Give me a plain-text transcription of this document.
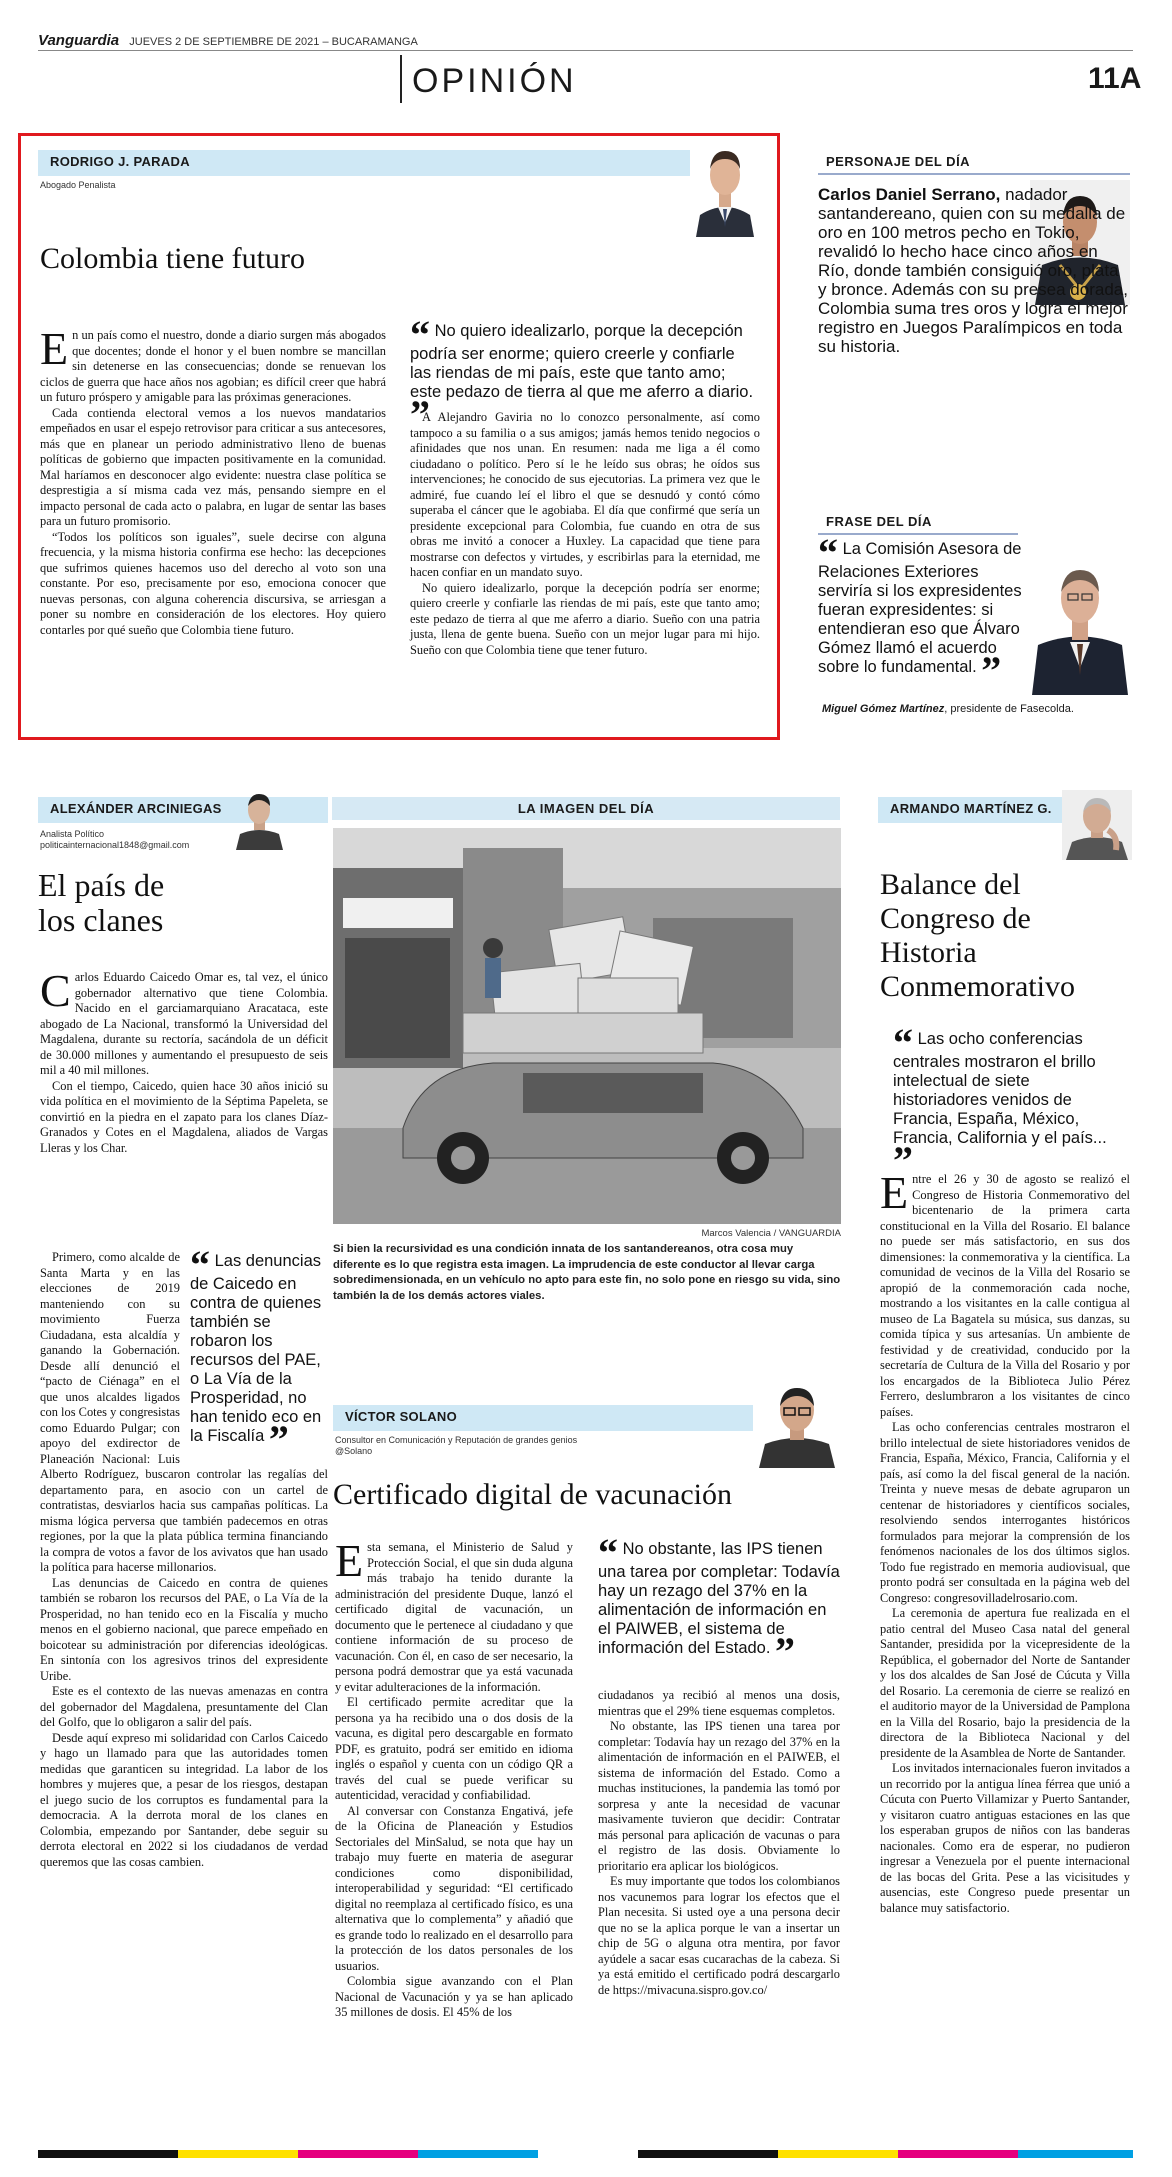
Vanguardia JUEVES 2 DE SEPTIEMBRE DE 2021 – BUCARAMANGA
OPINIÓN	11A
RODRIGO J. PARADA
Abogado Penalista
Colombia tiene futuro

En un país como el nuestro, donde a diario surgen más abogados que docentes; donde el honor y el buen nombre se mancillan sin detenerse en las consecuencias; donde se renuevan los ciclos de guerra que hace años nos agobian; es difícil creer que habrá un futuro próspero y amigable para las próximas generaciones.

Cada contienda electoral vemos a los nuevos mandatarios empeñados en usar el espejo retrovisor para criticar a sus antecesores, más que en planear un periodo administrativo lleno de buenas políticas de gobierno que impacten positivamente en la comunidad. Mal haríamos en desconocer algo evidente: nuestra clase política se desprestigia a sí misma cada vez más, pensando siempre en el impacto personal de cada acto o palabra, en lugar de sentar las bases para un futuro promisorio.

“Todos los políticos son iguales”, suele decirse con alguna frecuencia, y la misma historia confirma ese hecho: las decepciones que sufrimos quienes hacemos uso del derecho al voto son una constante. Por eso, precisamente por eso, emociona conocer que nuevas personas, con alguna coherencia discursiva, se arriesgan a poner su nombre en consideración de los electores. Hoy quiero contarles por qué sueño que Colombia tiene futuro.

“ No quiero idealizarlo, porque la decepción podría ser enorme; quiero creerle y confiarle las riendas de mi país, este que tanto amo; este pedazo de tierra al que me aferro a diario. ”

A Alejandro Gaviria no lo conozco personalmente, así como tampoco a su familia o a sus amigos; jamás hemos tenido negocios o afinidades que nos unan. En resumen: nada me liga a él como ciudadano o político. Pero sí le he leído sus obras; he oídos sus intervenciones; he conocido de sus ejecutorias. La primera vez que le admiré, fue cuando leí el libro el que se desnudó y contó cómo superaba el cáncer que le agobiaba. El día que confirmé que sería un presidente excepcional para Colombia, fue cuando en otra de sus obras me invitó a conocer a Huxley. La capacidad que tiene para mostrarse con defectos y virtudes, y escribirlas para la eternidad, me hacen confiar en un mandato suyo.

No quiero idealizarlo, porque la decepción podría ser enorme; quiero creerle y confiarle las riendas de mi país, este que tanto amo; este pedazo de tierra al que me aferro a diario. Sueño con una patria justa, llena de gente buena. Sueño con un mejor lugar para mi hijo. Sueño con que Colombia tiene que tener futuro.

PERSONAJE DEL DÍA
Carlos Daniel Serrano, nadador santandereano, quien con su medalla de oro en 100 metros pecho en Tokio, revalidó lo hecho hace cinco años en Río, donde también consiguió oro, plata y bronce. Además con su presea dorada, Colombia suma tres oros y logra el mejor registro en Juegos Paralímpicos en toda su historia.
FRASE DEL DÍA
“ La Comisión Asesora de Relaciones Exteriores serviría si los expresidentes fueran expresidentes: si entendieran eso que Álvaro Gómez llamó el acuerdo sobre lo fundamental. ”
Miguel Gómez Martínez, presidente de Fasecolda.
ALEXÁNDER ARCINIEGAS
Analista Político
politicainternacional1848@gmail.com
El país de
los clanes

Carlos Eduardo Caicedo Omar es, tal vez, el único gobernador alternativo que tiene Colombia. Nacido en el garciamarquiano Aracataca, este abogado de La Nacional, transformó la Universidad del Magdalena, durante su rectoría, sacándola de un déficit de 30.000 millones y aumentando el presupuesto de seis mil a 40 mil millones.

Con el tiempo, Caicedo, quien hace 30 años inició su vida política en el movimiento de la Séptima Papeleta, se convirtió en la piedra en el zapato para los clanes Díaz-Granados y Cotes en el Magdalena, aliados de Vargas Lleras y los Char.

“ Las denuncias de Caicedo en contra de quienes también se robaron los recursos del PAE, o La Vía de la Prosperidad, no han tenido eco en la Fiscalía ”

Primero, como alcalde de Santa Marta y en las elecciones de 2019 manteniendo con su movimiento Fuerza Ciudadana, esta alcaldía y ganando la Gobernación. Desde allí denunció el “pacto de Ciénaga” en el que unos alcaldes ligados con los Cotes y congresistas como Eduardo Pulgar; con apoyo del exdirector de Planeación Nacional: Luis Alberto Rodríguez, buscaron controlar las regalías del departamento para, en asocio con un cartel de contratistas, desviarlos hacia sus campañas políticas. La misma lógica perversa que también padecemos en otras regiones, por la que la plata pública termina financiando la compra de votos a favor de los avivatos que han usado la política para hacerse millonarios.

Las denuncias de Caicedo en contra de quienes también se robaron los recursos del PAE, o La Vía de la Prosperidad, no han tenido eco en la Fiscalía y mucho menos en el gobierno nacional, que parece empeñado en boicotear su administración por diferencias ideológicas. En sintonía con los agresivos trinos del expresidente Uribe.

Este es el contexto de las nuevas amenazas en contra del gobernador del Magdalena, presuntamente del Clan del Golfo, que lo obligaron a salir del país.

Desde aquí expreso mi solidaridad con Carlos Caicedo y hago un llamado para que las autoridades tomen medidas que garanticen su integridad. La labor de los hombres y mujeres que, a pesar de los riesgos, destapan el juego sucio de los corruptos es fundamental para la democracia. A la derrota moral de los clanes en Colombia, empezando por Santander, debe seguir su derrota electoral en 2022 si los ciudadanos de verdad queremos que las cosas cambien.

LA IMAGEN DEL DÍA
Marcos Valencia / VANGUARDIA
Si bien la recursividad es una condición innata de los santandereanos, otra cosa muy diferente es lo que registra esta imagen. La imprudencia de este conductor al llevar carga sobredimensionada, en un vehículo no apto para este fin, no solo pone en riesgo su vida, sino también la de los demás actores viales.
VÍCTOR SOLANO
Consultor en Comunicación y Reputación de grandes genios
@Solano
Certificado digital de vacunación

Esta semana, el Ministerio de Salud y Protección Social, el que sin duda alguna más trabajo ha tenido durante la administración del presidente Duque, lanzó el certificado digital de vacunación, un documento que le pertenece al ciudadano y que contiene información de su proceso de vacunación. Con él, en caso de ser necesario, la persona podrá demostrar que ya está vacunada y evitar adulteraciones de la información.

El certificado permite acreditar que la persona ya ha recibido una o dos dosis de la vacuna, es digital pero descargable en formato PDF, es gratuito, podrá ser emitido en idioma inglés o español y cuenta con un código QR a través del cual se puede verificar su autenticidad, veracidad y confiabilidad.

Al conversar con Constanza Engativá, jefe de la Oficina de Planeación y Estudios Sectoriales del MinSalud, se nota que hay un trabajo muy fuerte en materia de asegurar condiciones como disponibilidad, interoperabilidad y seguridad: “El certificado digital no reemplaza al certificado físico, es una alternativa que lo complementa” y añadió que es grande todo lo realizado en el desarrollo para la protección de los datos personales de los usuarios.

Colombia sigue avanzando con el Plan Nacional de Vacunación y ya se han aplicado 35 millones de dosis. El 45% de los

“ No obstante, las IPS tienen una tarea por completar: Todavía hay un rezago del 37% en la alimentación de información en el PAIWEB, el sistema de información del Estado. ”

ciudadanos ya recibió al menos una dosis, mientras que el 29% tiene esquemas completos.

No obstante, las IPS tienen una tarea por completar: Todavía hay un rezago del 37% en la alimentación de información en el PAIWEB, el sistema de información del Estado. Como a muchas instituciones, la pandemia las tomó por sorpresa y ante la necesidad de vacunar masivamente tuvieron que decidir: Contratar más personal para aplicación de vacunas o para el registro de las dosis. Obviamente lo prioritario era aplicar los biológicos.

Es muy importante que todos los colombianos nos vacunemos para lograr los efectos que el Plan necesita. Si usted oye a una persona decir que no se la aplica porque le van a insertar un chip de 5G o alguna otra mentira, por favor ayúdele a sacar esas cucarachas de la cabeza. Si ya está emitido el certificado podrá descargarlo de https://mivacuna.sispro.gov.co/

ARMANDO MARTÍNEZ G.
Balance del Congreso de Historia Conmemorativo
“ Las ocho conferencias centrales mostraron el brillo intelectual de siete historiadores venidos de Francia, España, México, Francia, California y el país... ”

Entre el 26 y 30 de agosto se realizó el Congreso de Historia Conmemorativo del bicentenario de la primera carta constitucional en la Villa del Rosario. El balance no puede ser más satisfactorio, en sus dos dimensiones: la conmemorativa y la científica. La comunidad de vecinos de la Villa del Rosario se apropió de la conmemoración cada noche, mostrando a los visitantes en la calle contigua al museo de La Bagatela su música, sus danzas, su comida típica y sus artesanías. Un ambiente de festividad y de creatividad, conducido por la secretaría de Cultura de la Villa del Rosario y por los encargados de la Biblioteca Julio Pérez Ferrero, deslumbraron a los visitantes de cinco países.

Las ocho conferencias centrales mostraron el brillo intelectual de siete historiadores venidos de Francia, España, México, Francia, California y el país, así como la del fiscal general de la nación. Treinta y nueve mesas de debate agruparon un centenar de historiadores y científicos sociales, resolviendo sendos interrogantes históricos formulados para mejorar la comprensión de los fenómenos nacionales de los dos últimos siglos. Todo fue registrado en memoria audiovisual, que pronto podrá ser consultada en la página web del Congreso: congresovilladelrosario.com.

La ceremonia de apertura fue realizada en el patio central del Museo Casa natal del general Santander, presidida por la vicepresidente de la República, el gobernador del Norte de Santander y los dos alcaldes de San José de Cúcuta y Villa del Rosario. La ceremonia de cierre se realizó en el auditorio mayor de la Universidad de Pamplona en la Villa del Rosario, bajo la presidencia de la directora de la Biblioteca Nacional y del presidente de la Asamblea de Norte de Santander.

Los invitados internacionales fueron invitados a un recorrido por la antigua línea férrea que unió a Cúcuta con Puerto Villamizar y Puerto Santander, y visitaron cuatro antiguas estaciones en las que los esperaban grupos de niños con las banderas nacionales. Como era de esperar, no pudieron ingresar a Venezuela por el puente internacional de las bocas del Grita. Pese a las vicisitudes y ausencias, este Congreso puede presentar un balance muy satisfactorio.
